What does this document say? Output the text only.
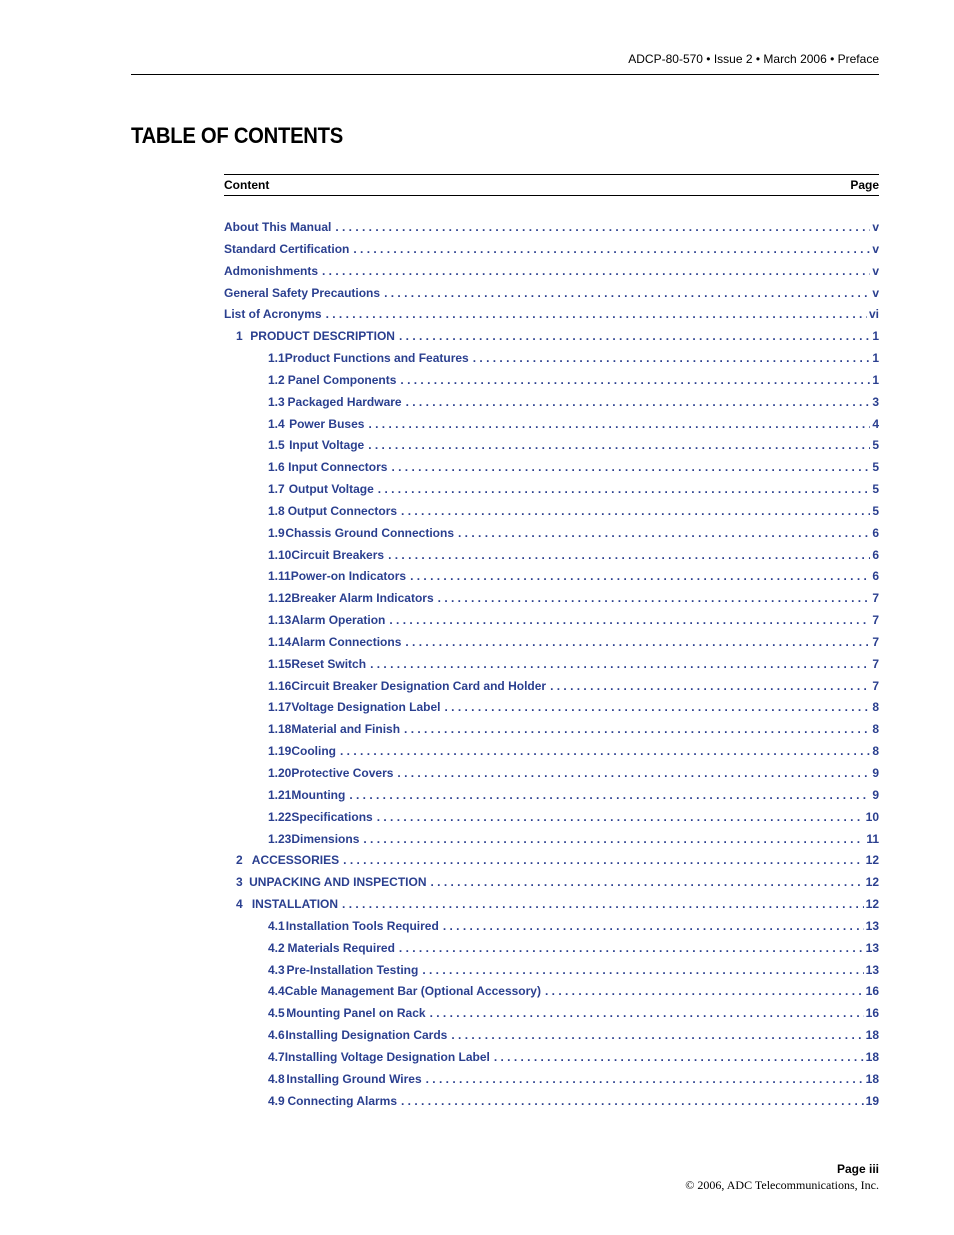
ADCP-80-570 • Issue 2 • March 2006 • Preface
TABLE OF CONTENTS
Content	Page
About This Manual . . .	v
Standard Certification . . .	v
Admonishments . . .	v
General Safety Precautions . . .	v
List of Acronyms . . .	vi
1 PRODUCT DESCRIPTION . . .	1
1.1 Product Functions and Features . . .	1
1.2 Panel Components . . .	1
1.3 Packaged Hardware . . .	3
1.4 Power Buses . . .	4
1.5 Input Voltage . . .	5
1.6 Input Connectors . . .	5
1.7 Output Voltage . . .	5
1.8 Output Connectors . . .	5
1.9 Chassis Ground Connections . . .	6
1.10 Circuit Breakers . . .	6
1.11 Power-on Indicators . . .	6
1.12 Breaker Alarm Indicators . . .	7
1.13 Alarm Operation . . .	7
1.14 Alarm Connections . . .	7
1.15 Reset Switch . . .	7
1.16 Circuit Breaker Designation Card and Holder . . .	7
1.17 Voltage Designation Label . . .	8
1.18 Material and Finish . . .	8
1.19 Cooling . . .	8
1.20 Protective Covers . . .	9
1.21 Mounting . . .	9
1.22 Specifications . . .	10
1.23 Dimensions . . .	11
2 ACCESSORIES . . .	12
3 UNPACKING AND INSPECTION . . .	12
4 INSTALLATION . . .	12
4.1 Installation Tools Required . . .	13
4.2 Materials Required . . .	13
4.3 Pre-Installation Testing . . .	13
4.4 Cable Management Bar (Optional Accessory) . . .	16
4.5 Mounting Panel on Rack . . .	16
4.6 Installing Designation Cards . . .	18
4.7 Installing Voltage Designation Label . . .	18
4.8 Installing Ground Wires . . .	18
4.9 Connecting Alarms . . .	19
Page iii
© 2006, ADC Telecommunications, Inc.
